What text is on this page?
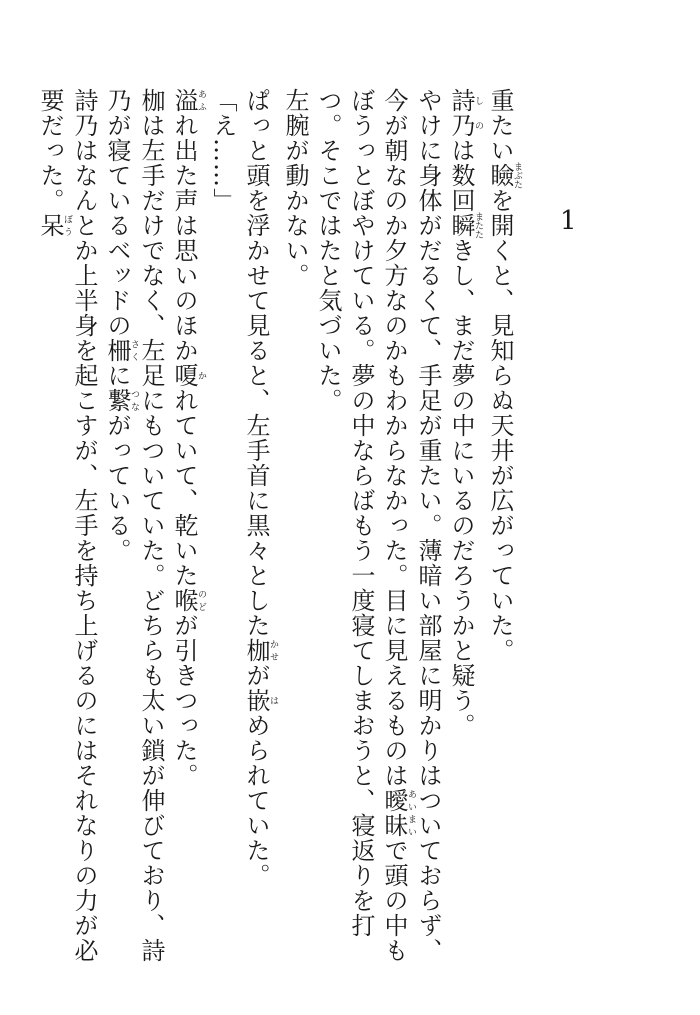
1

重たい瞼まぶたを開くと、見知らぬ天井が広がっていた。

詩乃しのは数回瞬またたきし、まだ夢の中にいるのだろうかと疑う。

やけに身体がだるくて、手足が重たい。薄暗い部屋に明かりはついておらず、今が朝なのか夕方なのかもわからなかった。目に見えるものは曖昧あいまいで頭の中もぼうっとぼやけている。夢の中ならばもう一度寝てしまおうと、寝返りを打つ。そこではたと気づいた。

左腕が動かない。

ぱっと頭を浮かせて見ると、左手首に黒々とした枷かせが嵌はめられていた。

「え……」

溢あふれ出た声は思いのほか嗄かれていて、乾いた喉のどが引きつった。

枷は左手だけでなく、左足にもついていた。どちらも太い鎖が伸びており、詩乃が寝ているベッドの柵さくに繋つながっている。

詩乃はなんとか上半身を起こすが、左手を持ち上げるのにはそれなりの力が必要だった。呆ぼう
